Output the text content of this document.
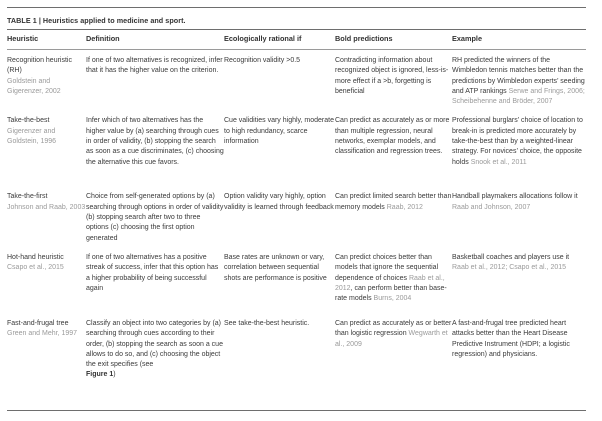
TABLE 1 | Heuristics applied to medicine and sport.
Heuristic	Definition	Ecologically rational if	Bold predictions	Example
Recognition heuristic (RH)
Goldstein and Gigerenzer, 2002	If one of two alternatives is recognized, infer that it has the higher value on the criterion.	Recognition validity >0.5	Contradicting information about recognized object is ignored, less-is-more effect if a >b, forgetting is beneficial	RH predicted the winners of the Wimbledon tennis matches better than the predictions by Wimbledon experts’ seeding and ATP rankings Serwe and Frings, 2006; Scheibehenne and Bröder, 2007
Take-the-best
Gigerenzer and Goldstein, 1996	Infer which of two alternatives has the higher value by (a) searching through cues in order of validity, (b) stopping the search as soon as a cue discriminates, (c) choosing the alternative this cue favors.	Cue validities vary highly, moderate to high redundancy, scarce information	Can predict as accurately as or more than multiple regression, neural networks, exemplar models, and classification and regression trees.	Professional burglars’ choice of location to break-in is predicted more accurately by take-the-best than by a weighted-linear strategy. For novices’ choice, the opposite holds Snook et al., 2011
Take-the-first
Johnson and Raab, 2003	Choice from self-generated options by (a) searching through options in order of validity (b) stopping search after two to three options (c) choosing the first option generated	Option validity vary highly, option validity is learned through feedback	Can predict limited search better than memory models Raab, 2012	Handball playmakers allocations follow it Raab and Johnson, 2007
Hot-hand heuristic
Csapo et al., 2015	If one of two alternatives has a positive streak of success, infer that this option has a higher probability of being successful again	Base rates are unknown or vary, correlation between sequential shots are performance is positive	Can predict choices better than models that ignore the sequential dependence of choices Raab et al., 2012, can perform better than base-rate models Burns, 2004	Basketball coaches and players use it Raab et al., 2012; Csapo et al., 2015
Fast-and-frugal tree
Green and Mehr, 1997	Classify an object into two categories by (a) searching through cues according to their order, (b) stopping the search as soon a cue allows to do so, and (c) choosing the object the exit specifies (see
Figure 1)	See take-the-best heuristic.	Can predict as accurately as or better than logistic regression Wegwarth et al., 2009	A fast-and-frugal tree predicted heart attacks better than the Heart Disease Predictive Instrument (HDPI; a logistic regression) and physicians.
